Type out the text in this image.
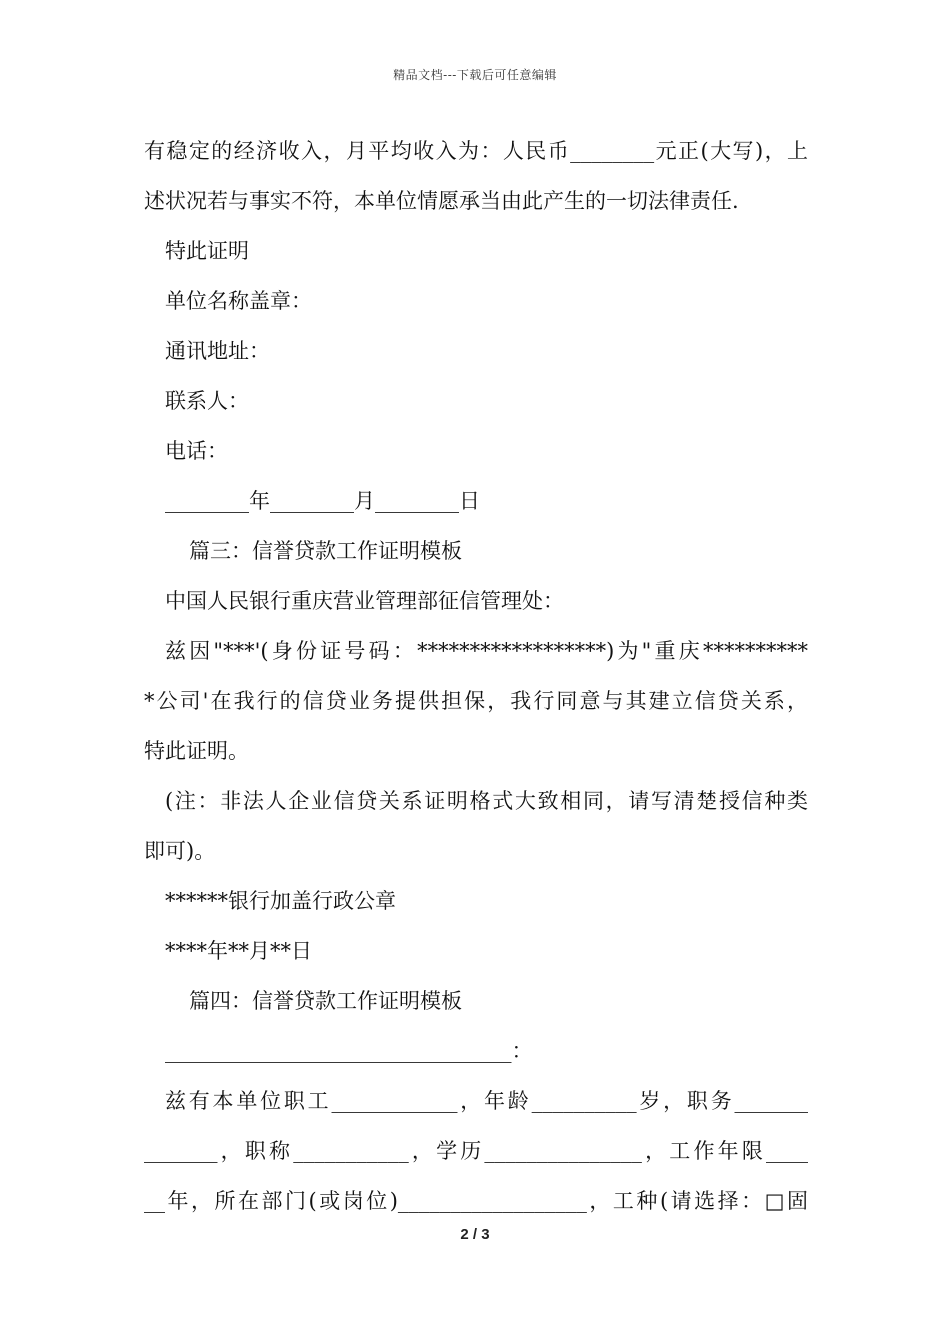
精品文档---下载后可任意编辑
有稳定的经济收入，月平均收入为：人民币________元正(大写)，上
述状况若与事实不符，本单位情愿承当由此产生的一切法律责任.
特此证明
单位名称盖章：
通讯地址：
联系人：
电话：
________年________月________日
篇三：信誉贷款工作证明模板
中国人民银行重庆营业管理部征信管理处：
兹因"***'(身份证号码：******************)为"重庆**********
*公司'在我行的信贷业务提供担保，我行同意与其建立信贷关系，
特此证明。
(注：非法人企业信贷关系证明格式大致相同，请写清楚授信种类
即可)。
******银行加盖行政公章
****年**月**日
篇四：信誉贷款工作证明模板
_________________________________：
兹有本单位职工____________，年龄__________岁，职务_______
_______，职称___________，学历_______________，工作年限____
__年，所在部门(或岗位)__________________，工种(请选择：□固
2 / 3
